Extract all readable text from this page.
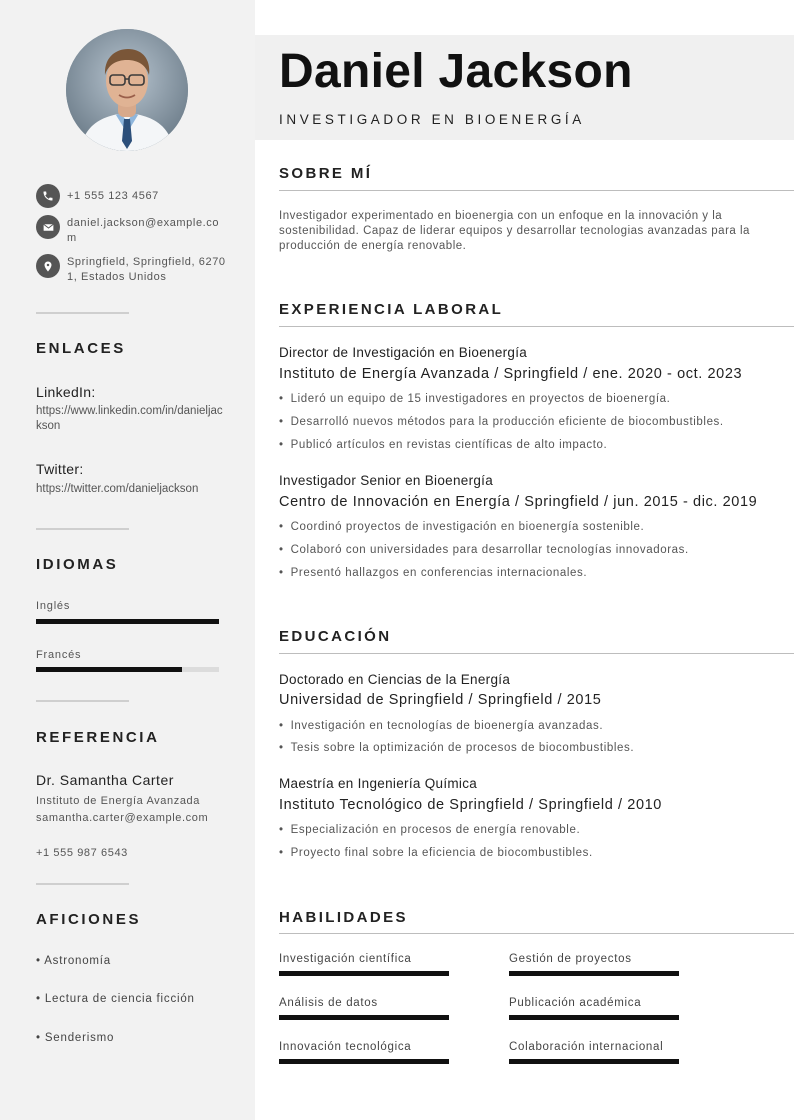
+1 555 123 4567
daniel.jackson@example.com
Springfield, Springfield, 62701, Estados Unidos
ENLACES
LinkedIn:
https://www.linkedin.com/in/danieljackson
Twitter:
https://twitter.com/danieljackson
IDIOMAS
Inglés
Francés
REFERENCIA
Dr. Samantha Carter
Instituto de Energía Avanzada
samantha.carter@example.com
+1 555 987 6543
AFICIONES
• Astronomía
• Lectura de ciencia ficción
• Senderismo
Daniel Jackson
INVESTIGADOR EN BIOENERGÍA
SOBRE MÍ
Investigador experimentado en bioenergia con un enfoque en la innovación y la sostenibilidad. Capaz de liderar equipos y desarrollar tecnologias avanzadas para la producción de energía renovable.
EXPERIENCIA LABORAL
Director de Investigación en Bioenergía
Instituto de Energía Avanzada / Springfield / ene. 2020 - oct. 2023
• Lideró un equipo de 15 investigadores en proyectos de bioenergía.
• Desarrolló nuevos métodos para la producción eficiente de biocombustibles.
• Publicó artículos en revistas científicas de alto impacto.
Investigador Senior en Bioenergía
Centro de Innovación en Energía / Springfield / jun. 2015 - dic. 2019
• Coordinó proyectos de investigación en bioenergía sostenible.
• Colaboró con universidades para desarrollar tecnologías innovadoras.
• Presentó hallazgos en conferencias internacionales.
EDUCACIÓN
Doctorado en Ciencias de la Energía
Universidad de Springfield / Springfield / 2015
• Investigación en tecnologías de bioenergía avanzadas.
• Tesis sobre la optimización de procesos de biocombustibles.
Maestría en Ingeniería Química
Instituto Tecnológico de Springfield / Springfield / 2010
• Especialización en procesos de energía renovable.
• Proyecto final sobre la eficiencia de biocombustibles.
HABILIDADES
Investigación científica	Gestión de proyectos
Análisis de datos	Publicación académica
Innovación tecnológica	Colaboración internacional
